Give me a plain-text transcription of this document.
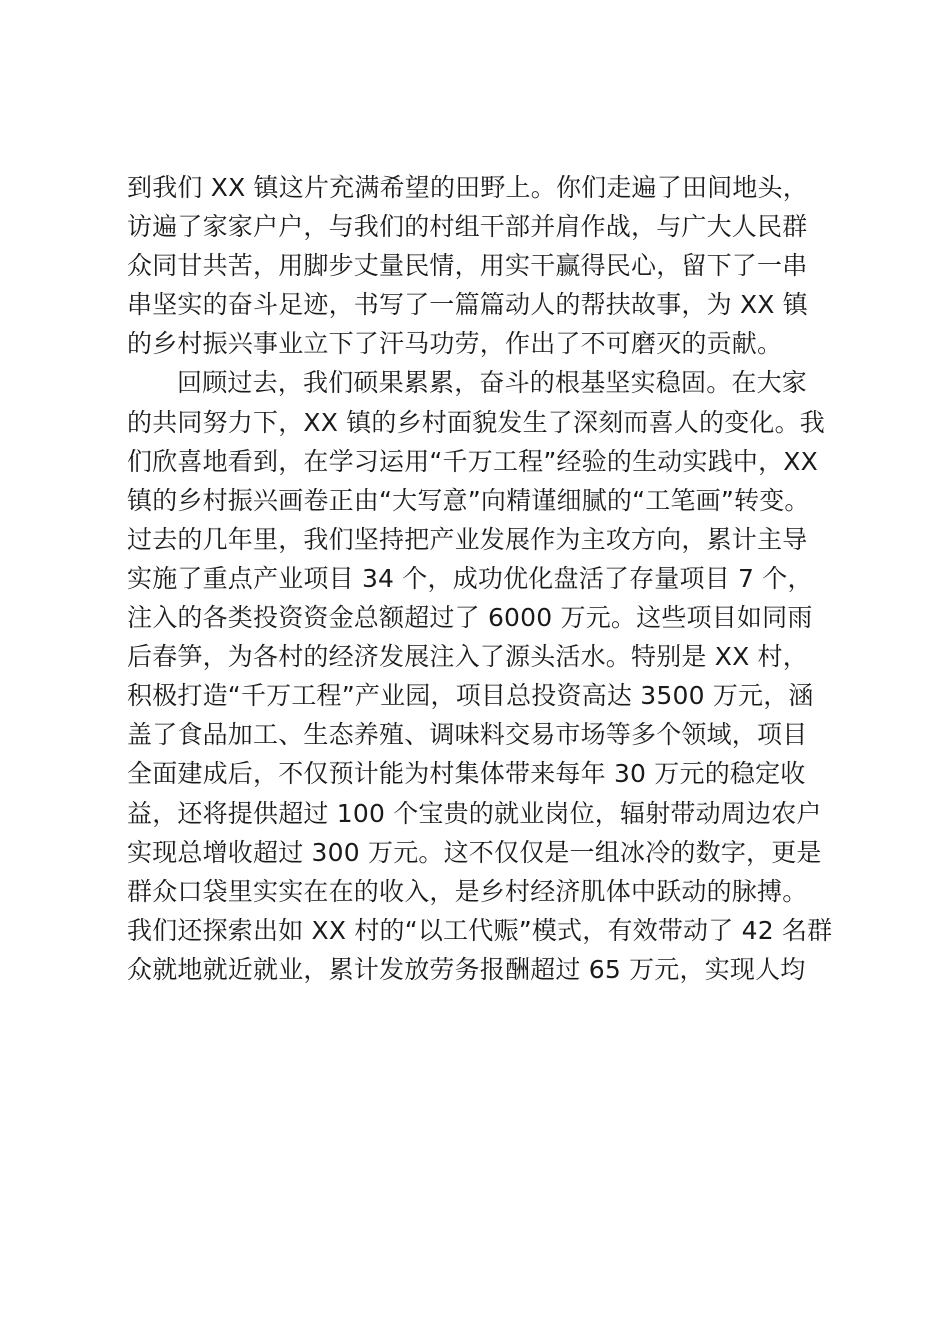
到我们 XX 镇这片充满希望的田野上。你们走遍了田间地头，
访遍了家家户户，与我们的村组干部并肩作战，与广大人民群
众同甘共苦，用脚步丈量民情，用实干赢得民心，留下了一串
串坚实的奋斗足迹，书写了一篇篇动人的帮扶故事，为 XX 镇
的乡村振兴事业立下了汗马功劳，作出了不可磨灭的贡献。
回顾过去，我们硕果累累，奋斗的根基坚实稳固。在大家
的共同努力下，XX 镇的乡村面貌发生了深刻而喜人的变化。我
们欣喜地看到，在学习运用“千万工程”经验的生动实践中，XX
镇的乡村振兴画卷正由“大写意”向精谨细腻的“工笔画”转变。
过去的几年里，我们坚持把产业发展作为主攻方向，累计主导
实施了重点产业项目 34 个，成功优化盘活了存量项目 7 个，
注入的各类投资资金总额超过了 6000 万元。这些项目如同雨
后春笋，为各村的经济发展注入了源头活水。特别是 XX 村，
积极打造“千万工程”产业园，项目总投资高达 3500 万元，涵
盖了食品加工、生态养殖、调味料交易市场等多个领域，项目
全面建成后，不仅预计能为村集体带来每年 30 万元的稳定收
益，还将提供超过 100 个宝贵的就业岗位，辐射带动周边农户
实现总增收超过 300 万元。这不仅仅是一组冰冷的数字，更是
群众口袋里实实在在的收入，是乡村经济肌体中跃动的脉搏。
我们还探索出如 XX 村的“以工代赈”模式，有效带动了 42 名群
众就地就近就业，累计发放劳务报酬超过 65 万元，实现人均
